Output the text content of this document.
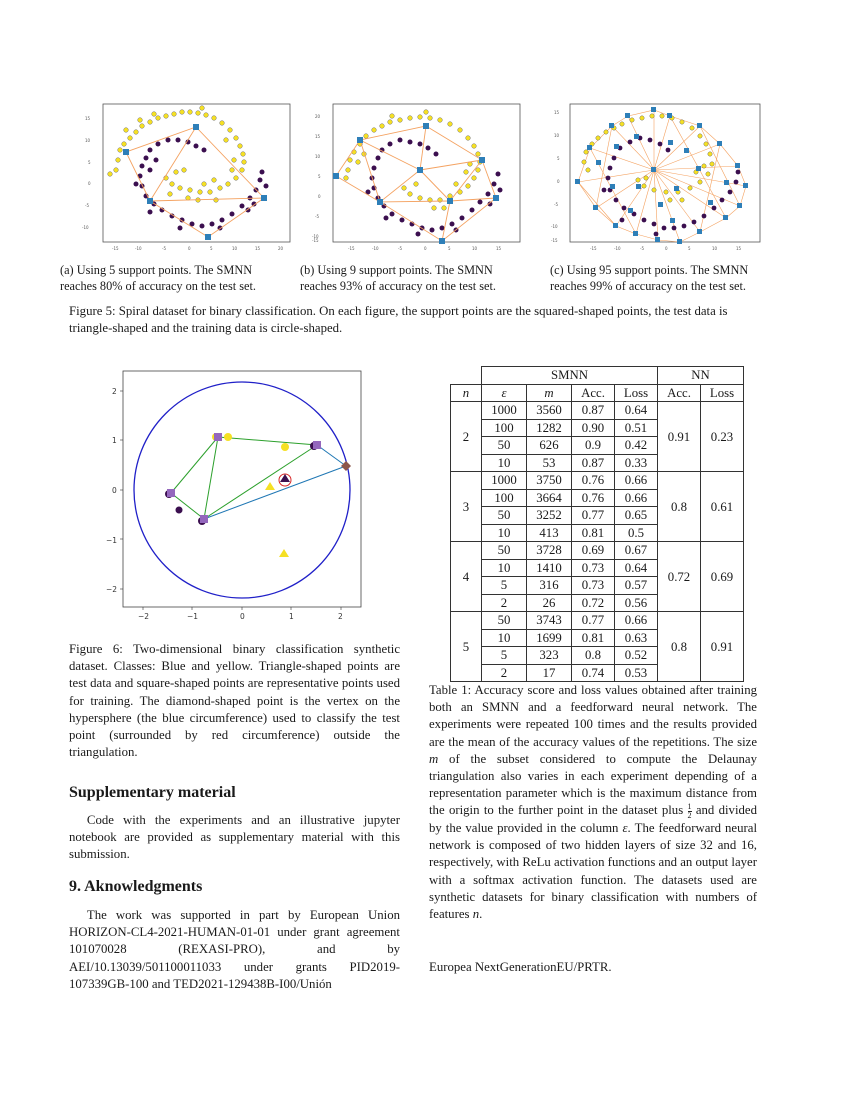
15
10
5
0
-5
-10
-15	-10	-5	0	5	10	15	20
(a) Using 5 support points. The SMNN reaches 80% of accuracy on the test set.
20
15
10
5
0
-5
-10
-15
-15	-10	-5	0	5	10	15
(b) Using 9 support points. The SMNN reaches 93% of accuracy on the test set.
15
10
5
0
-5
-10
-15
-15	-10	-5	0	5	10	15
(c) Using 95 support points. The SMNN reaches 99% of accuracy on the test set.
Figure 5: Spiral dataset for binary classification. On each figure, the support points are the squared-shaped points, the test data is triangle-shaped and the training data is circle-shaped.
2
1
0
−1
−2
−2	−1	0	1	2
Figure 6: Two-dimensional binary classification synthetic dataset. Classes: Blue and yellow. Triangle-shaped points are test data and square-shaped points are representative points used for training. The diamond-shaped point is the vertex on the hypersphere (the blue circumference) used to classify the test point (surrounded by red circumference) outside the triangulation.
	SMNN				NN	
n	ε	m	Acc.	Loss	Acc.	Loss
2	1000	3560	0.87	0.64	0.91	0.23
	100	1282	0.90	0.51		
	50	626	0.9	0.42		
	10	53	0.87	0.33		
3	1000	3750	0.76	0.66	0.8	0.61
	100	3664	0.76	0.66		
	50	3252	0.77	0.65		
	10	413	0.81	0.5		
4	50	3728	0.69	0.67	0.72	0.69
	10	1410	0.73	0.64		
	5	316	0.73	0.57		
	2	26	0.72	0.56		
5	50	3743	0.77	0.66	0.8	0.91
	10	1699	0.81	0.63		
	5	323	0.8	0.52		
	2	17	0.74	0.53		
Table 1: Accuracy score and loss values obtained after training both an SMNN and a feedforward neural network. The experiments were repeated 100 times and the results provided are the mean of the accuracy values of the repetitions. The size m of the subset considered to compute the Delaunay triangulation also varies in each experiment depending of a representation parameter which is the maximum distance from the origin to the further point in the dataset plus $\frac{1}{2}$ and divided by the value provided in the column ε. The feedforward neural network is composed of two hidden layers of size 32 and 16, respectively, with ReLu activation functions and an output layer with a softmax activation function. The datasets used are synthetic datasets for binary classification with numbers of features n.
Supplementary material
Code with the experiments and an illustrative jupyter notebook are provided as supplementary material with this submission.
9. Aknowledgments
The work was supported in part by European Union HORIZON-CL4-2021-HUMAN-01-01 under grant agreement 101070028 (REXASI-PRO), and by AEI/10.13039/501100011033 under grants PID2019-107339GB-100 and TED2021-129438B-I00/Unión
Europea NextGenerationEU/PRTR.
